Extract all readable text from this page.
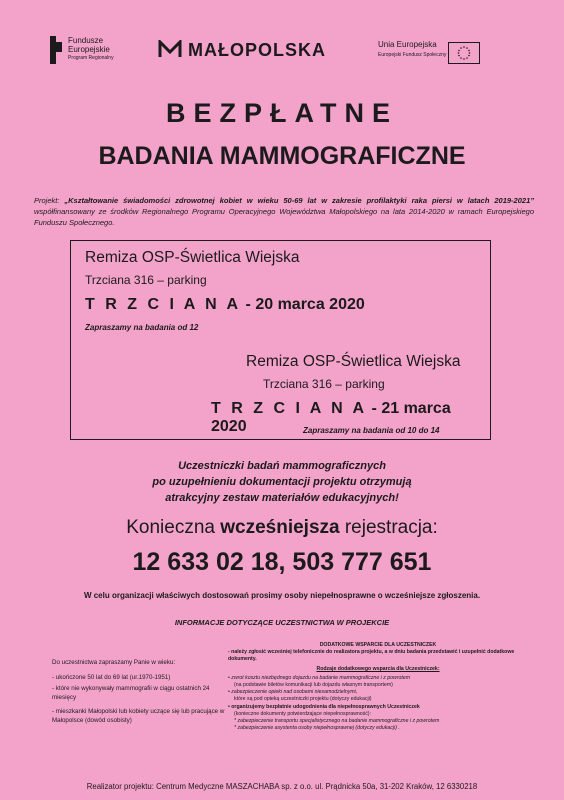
Fundusze
Europejskie
Program Regionalny	MAŁOPOLSKA	Unia Europejska
Europejski Fundusz Społeczny
BEZPŁATNE
BADANIA MAMMOGRAFICZNE
Projekt: „Kształtowanie świadomości zdrowotnej kobiet w wieku 50-69 lat w zakresie profilaktyki raka piersi w latach 2019-2021” współfinansowany ze środków Regionalnego Programu Operacyjnego Województwa Małopolskiego na lata 2014-2020 w ramach Europejskiego Funduszu Społecznego.
Remiza OSP-Świetlica Wiejska
Trzciana 316 – parking
T R Z C I A N A - 20 marca 2020
Zapraszamy na badania od 12
Remiza OSP-Świetlica Wiejska
Trzciana 316 – parking
T R Z C I A N A - 21 marca 2020	Zapraszamy na badania od 10 do 14
Uczestniczki badań mammograficznych
po uzupełnieniu dokumentacji projektu otrzymują
atrakcyjny zestaw materiałów edukacyjnych!
Konieczna wcześniejsza rejestracja:
12 633 02 18, 503 777 651
W celu organizacji właściwych dostosowań prosimy osoby niepełnosprawne o wcześniejsze zgłoszenia.
INFORMACJE DOTYCZĄCE UCZESTNICTWA W PROJEKCIE
Do uczestnictwa zapraszamy Panie w wieku:
- ukończone 50 lat do 69 lat (ur.1970-1951)
- które nie wykonywały mammografii w ciągu ostatnich 24 miesięcy
- mieszkanki Małopolski lub kobiety uczące się lub pracujące w Małopolsce (dowód osobisty)
DODATKOWE WSPARCIE DLA UCZESTNICZEK
- należy zgłosić wcześniej telefonicznie do realizatora projektu, a w dniu badania przedstawić i uzupełnić dodatkowe dokumenty.
Rodzaje dodatkowego wsparcia dla Uczestniczek:
• zwrot kosztu niezbędnego dojazdu na badanie mammograficzne i z powrotem
(na podstawie biletów komunikacji lub dojazdu własnym transportem)
• zabezpieczenie opieki nad osobami niesamodzielnymi,
które są pod opieką uczestniczki projektu (dotyczy edukacji)
• organizujemy bezpłatnie udogodnienia dla niepełnosprawnych Uczestniczek
(konieczne dokumenty potwierdzające niepełnosprawność):
* zabezpieczenie transportu specjalistycznego na badanie mammograficzne i z powrotem
* zabezpieczenie asystenta osoby niepełnosprawnej (dotyczy edukacji) .
Realizator projektu: Centrum Medyczne MASZACHABA sp. z o.o. ul. Prądnicka 50a, 31-202 Kraków, 12 6330218
